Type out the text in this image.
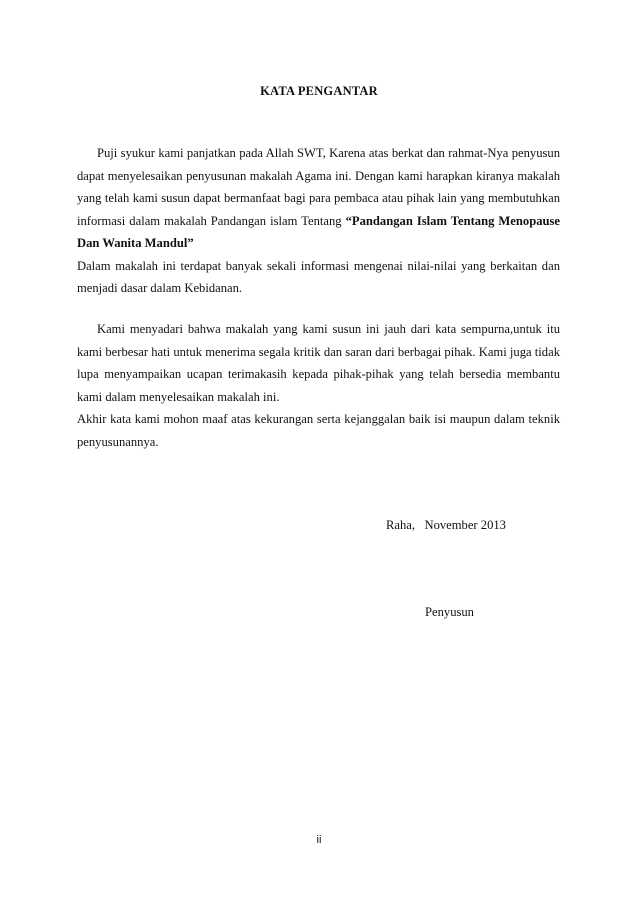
KATA PENGANTAR

Puji syukur kami panjatkan pada Allah SWT, Karena atas berkat dan rahmat-Nya penyusun dapat menyelesaikan penyusunan makalah Agama ini. Dengan kami harapkan kiranya makalah yang telah kami susun dapat bermanfaat bagi para pembaca atau pihak lain yang membutuhkan informasi dalam makalah Pandangan islam Tentang “Pandangan Islam Tentang Menopause Dan Wanita Mandul”

Dalam makalah ini terdapat banyak sekali informasi mengenai nilai-nilai yang berkaitan dan menjadi dasar dalam Kebidanan.

Kami menyadari bahwa makalah yang kami susun ini jauh dari kata sempurna,untuk itu kami berbesar hati untuk menerima segala kritik dan saran dari berbagai pihak. Kami juga tidak lupa menyampaikan ucapan terimakasih kepada pihak-pihak yang telah bersedia membantu kami dalam menyelesaikan makalah ini.

Akhir kata kami mohon maaf atas kekurangan serta kejanggalan baik isi maupun dalam teknik penyusunannya.

Raha,   November 2013
Penyusun
ii
